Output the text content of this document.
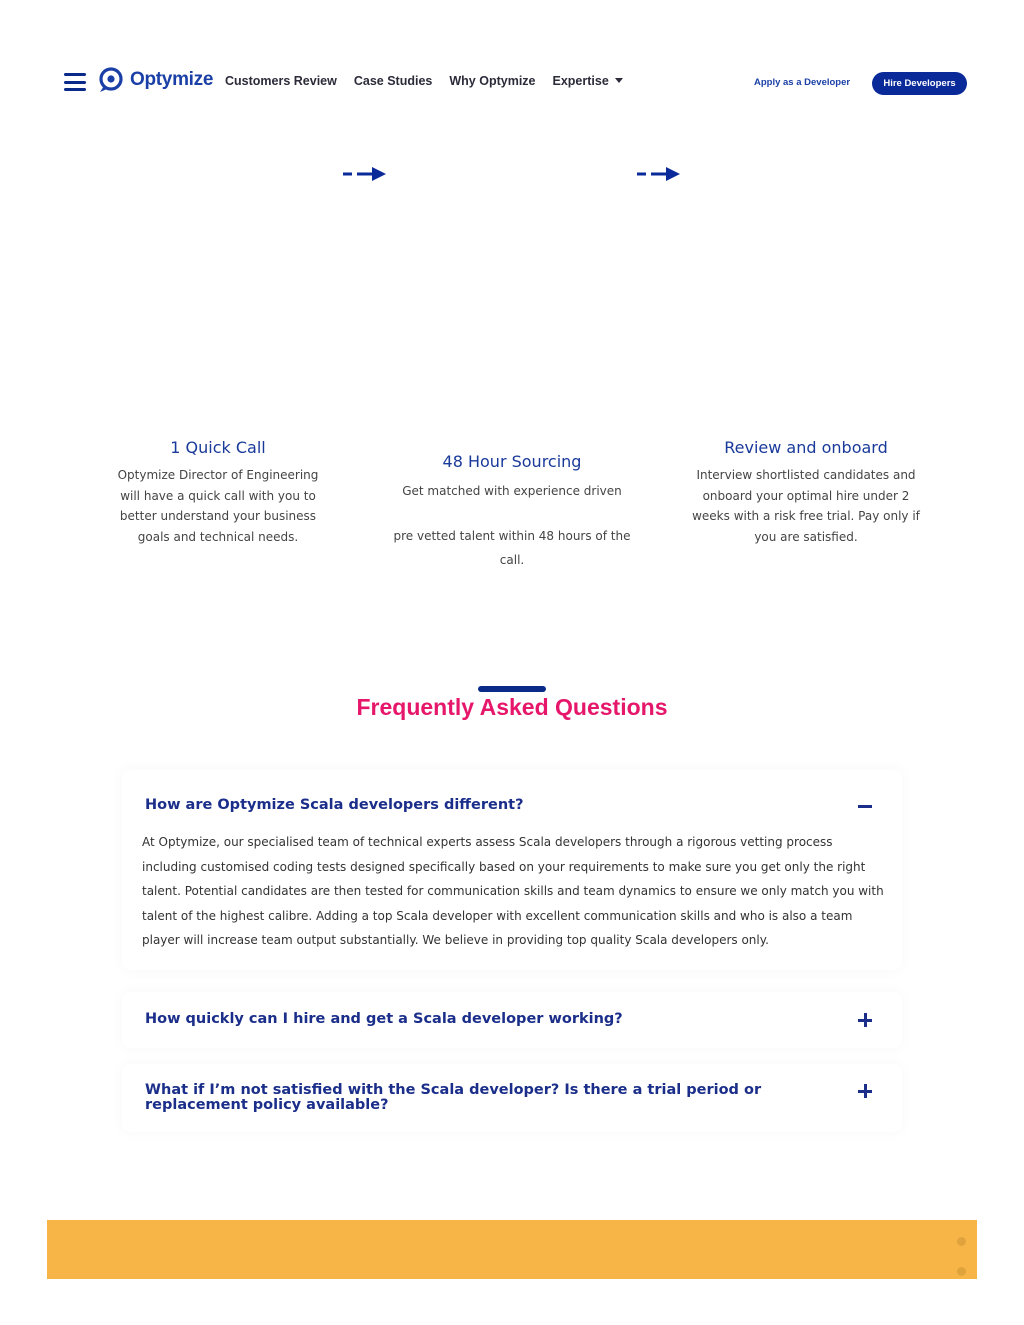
Optymize Customers Review Case Studies Why Optymize Expertise	Apply as a Developer	Hire Developers
1 Quick Call

Optymize Director of Engineering will have a quick call with you to better understand your business goals and technical needs.

48 Hour Sourcing

Get matched with experience driven

pre vetted talent within 48 hours of the call.

Review and onboard

Interview shortlisted candidates and onboard your optimal hire under 2 weeks with a risk free trial. Pay only if you are satisfied.

Frequently Asked Questions
How are Optymize Scala developers different?

At Optymize, our specialised team of technical experts assess Scala developers through a rigorous vetting process including customised coding tests designed specifically based on your requirements to make sure you get only the right talent. Potential candidates are then tested for communication skills and team dynamics to ensure we only match you with talent of the highest calibre. Adding a top Scala developer with excellent communication skills and who is also a team player will increase team output substantially. We believe in providing top quality Scala developers only.

How quickly can I hire and get a Scala developer working?
What if I’m not satisfied with the Scala developer? Is there a trial period or replacement policy available?
